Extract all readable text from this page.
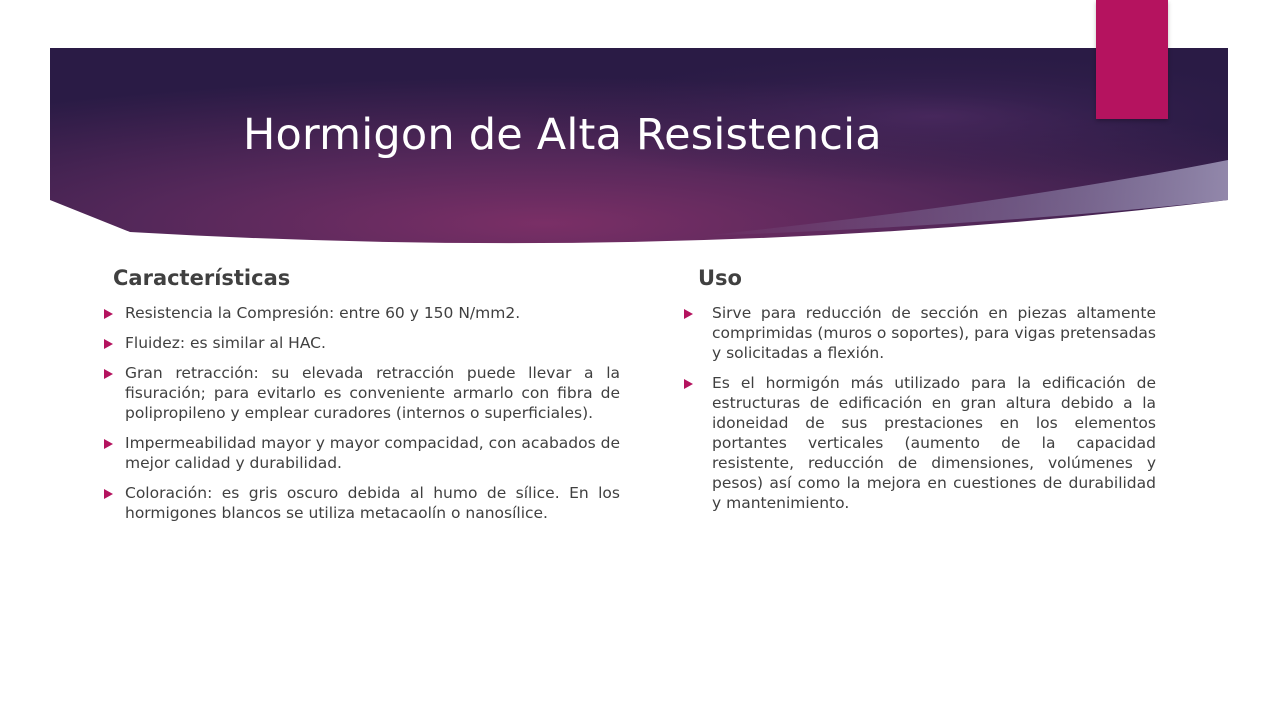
Hormigon de Alta Resistencia
Características
Resistencia la Compresión: entre 60 y 150 N/mm2.
Fluidez: es similar al HAC.
Gran retracción: su elevada retracción puede llevar a la fisuración; para evitarlo es conveniente armarlo con fibra de polipropileno y emplear curadores (internos o superficiales).
Impermeabilidad mayor y mayor compacidad, con acabados de mejor calidad y durabilidad.
Coloración: es gris oscuro debida al humo de sílice. En los hormigones blancos se utiliza metacaolín o nanosílice.
Uso
Sirve para reducción de sección en piezas altamente comprimidas (muros o soportes), para vigas pretensadas y solicitadas a flexión.
Es el hormigón más utilizado para la edificación de estructuras de edificación en gran altura debido a la idoneidad de sus prestaciones en los elementos portantes verticales (aumento de la capacidad resistente, reducción de dimensiones, volúmenes y pesos) así como la mejora en cuestiones de durabilidad y mantenimiento.
